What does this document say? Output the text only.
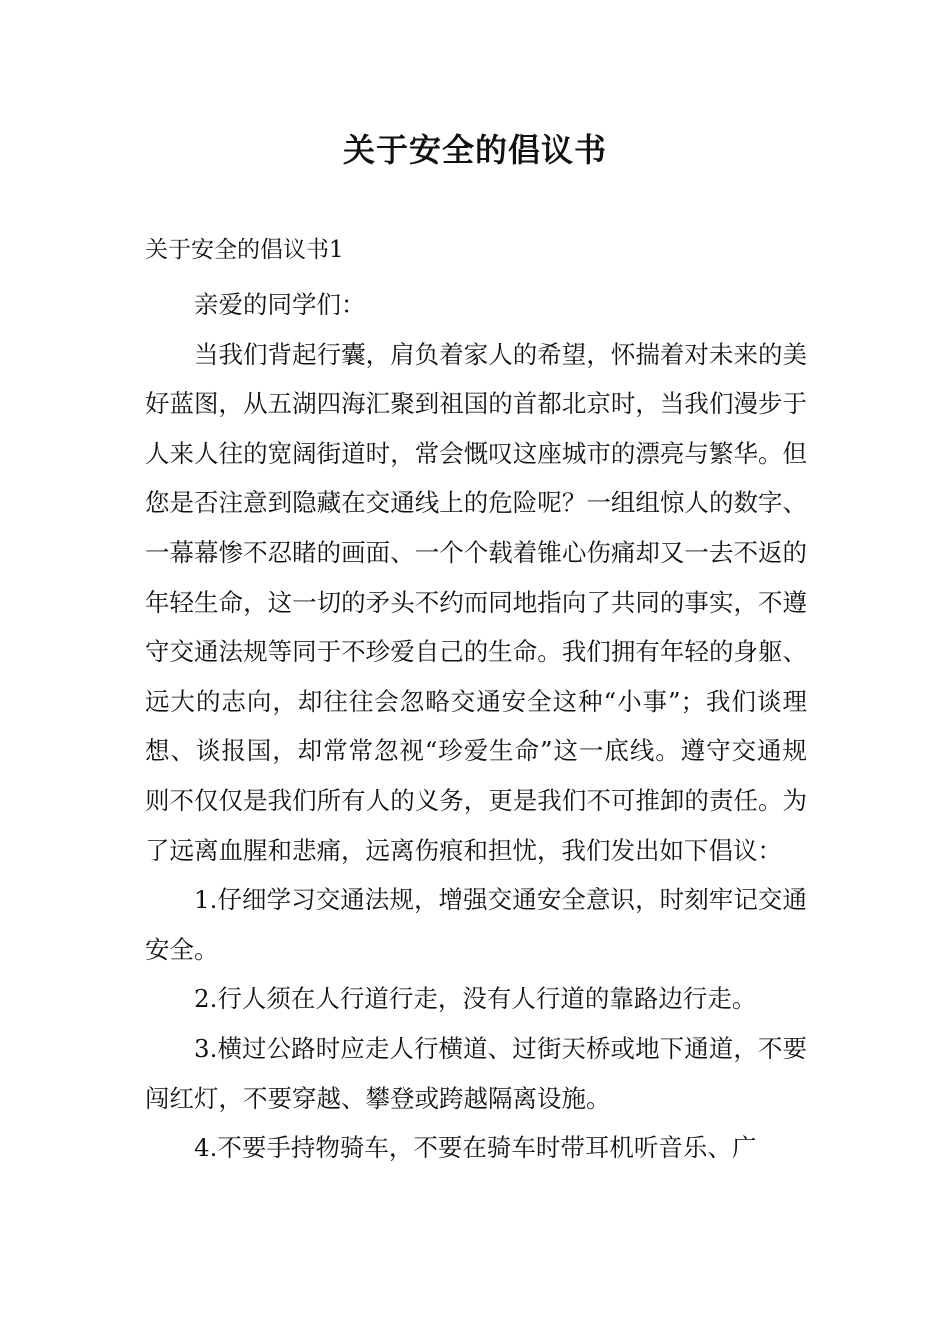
关于安全的倡议书
关于安全的倡议书1

亲爱的同学们：

当我们背起行囊，肩负着家人的希望，怀揣着对未来的美好蓝图，从五湖四海汇聚到祖国的首都北京时，当我们漫步于人来人往的宽阔街道时，常会慨叹这座城市的漂亮与繁华。但您是否注意到隐藏在交通线上的危险呢？一组组惊人的数字、一幕幕惨不忍睹的画面、一个个载着锥心伤痛却又一去不返的年轻生命，这一切的矛头不约而同地指向了共同的事实，不遵守交通法规等同于不珍爱自己的生命。我们拥有年轻的身躯、远大的志向，却往往会忽略交通安全这种“小事”；我们谈理想、谈报国，却常常忽视“珍爱生命”这一底线。遵守交通规则不仅仅是我们所有人的义务，更是我们不可推卸的责任。为了远离血腥和悲痛，远离伤痕和担忧，我们发出如下倡议：

1.仔细学习交通法规，增强交通安全意识，时刻牢记交通安全。

2.行人须在人行道行走，没有人行道的靠路边行走。

3.横过公路时应走人行横道、过街天桥或地下通道，不要闯红灯，不要穿越、攀登或跨越隔离设施。

4.不要手持物骑车，不要在骑车时带耳机听音乐、广
